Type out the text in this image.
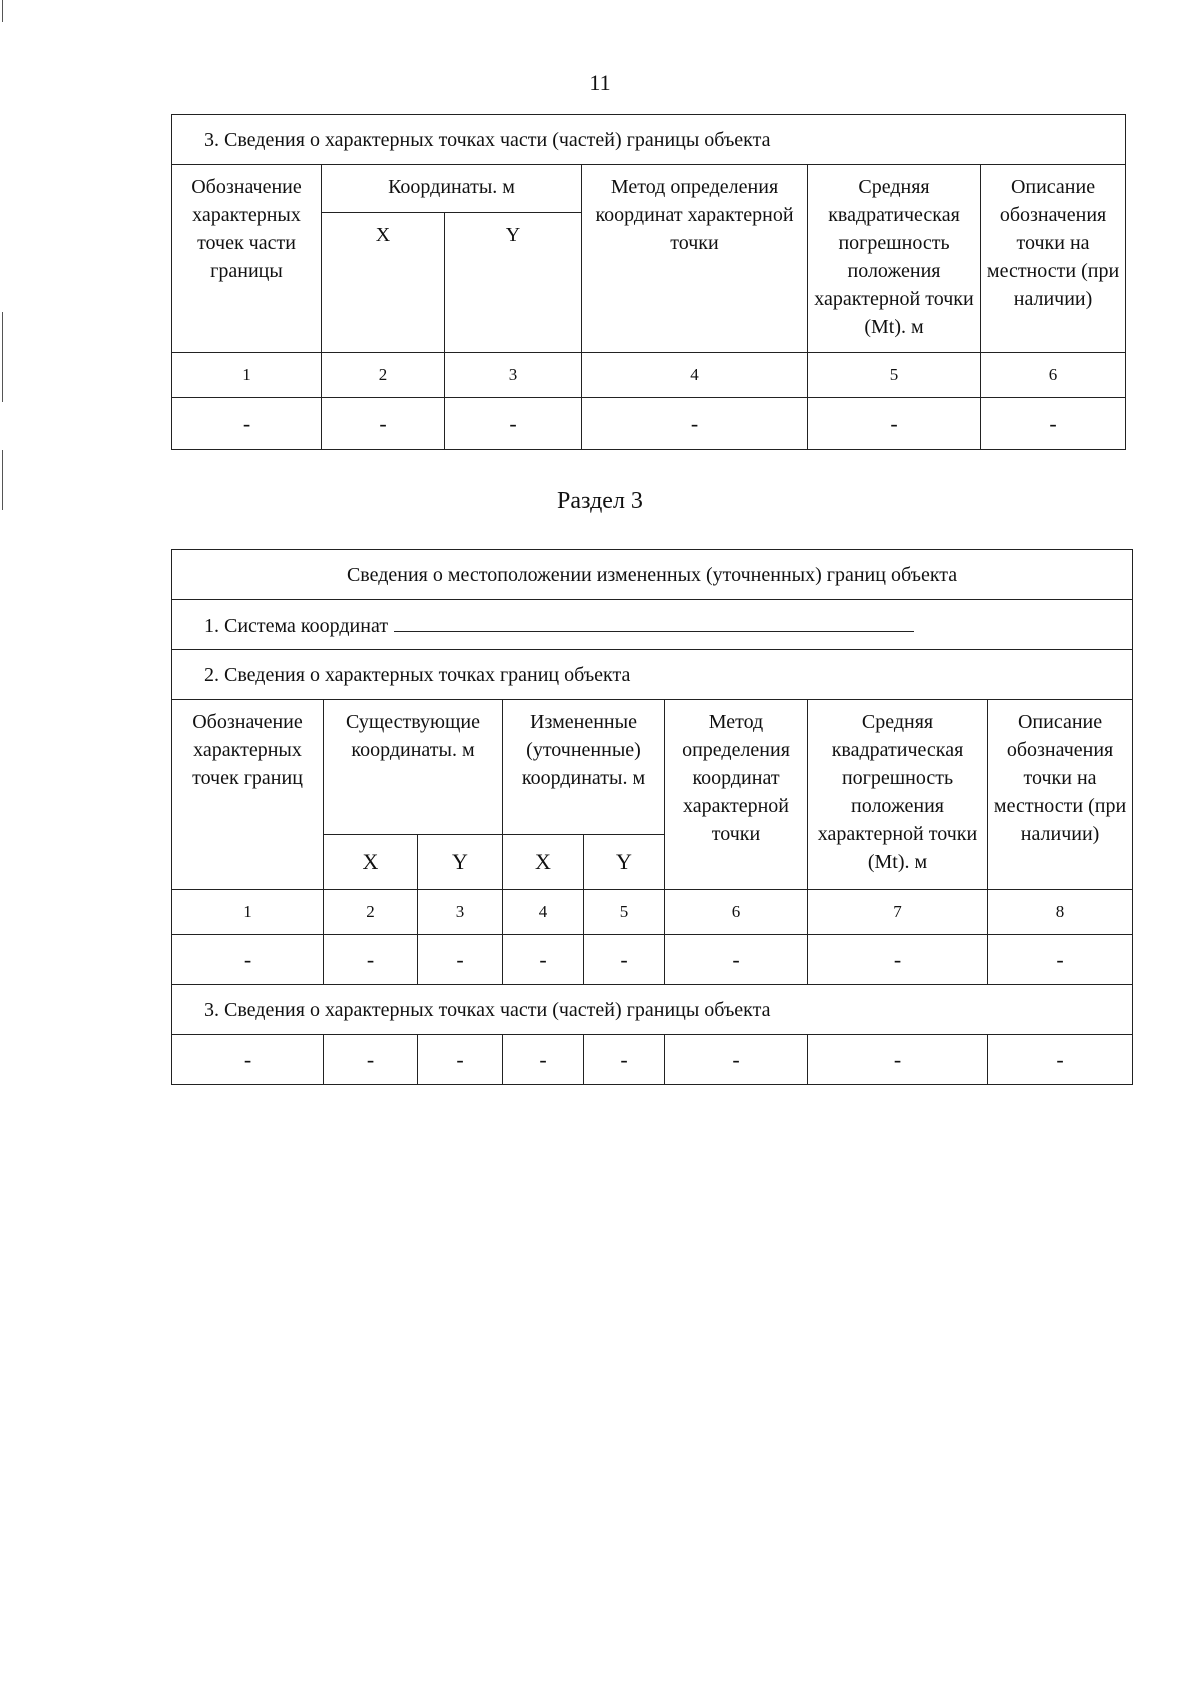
11
3. Сведения о характерных точках части (частей) границы объекта					
Обозначение характерных точек части границы	Координаты. м		Метод определения координат характерной точки	Средняя квадратическая погрешность положения характерной точки (Mt). м	Описание обозначения точки на местности (при наличии)
	X	Y			
1	2	3	4	5	6
-	-	-	-	-	-
Раздел 3
Сведения о местоположении измененных (уточненных) границ объекта							
1. Система координат							
2. Сведения о характерных точках границ объекта							
Обозначение характерных точек границ	Существующие координаты. м		Измененные (уточненные) координаты. м		Метод определения координат характерной точки	Средняя квадратическая погрешность положения характерной точки (Mt). м	Описание обозначения точки на местности (при наличии)
	X	Y	X	Y			
1	2	3	4	5	6	7	8
-	-	-	-	-	-	-	-
3. Сведения о характерных точках части (частей) границы объекта							
-	-	-	-	-	-	-	-
